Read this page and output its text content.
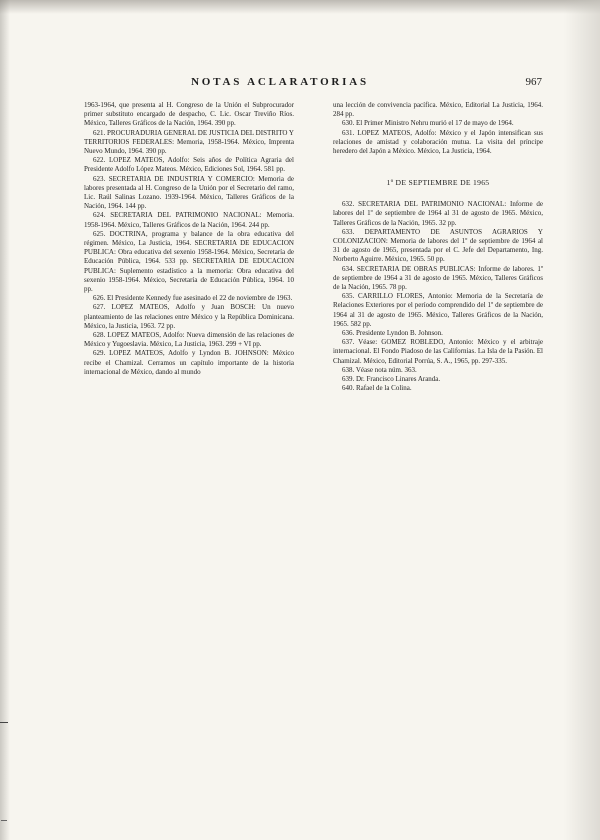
NOTAS ACLARATORIAS	967

1963-1964, que presenta al H. Congreso de la Unión el Subprocurador primer substituto encargado de despacho, C. Lic. Oscar Treviño Ríos. México, Talleres Gráficos de la Nación, 1964. 390 pp.

621. PROCURADURIA GENERAL DE JUSTICIA DEL DISTRITO Y TERRITORIOS FEDERALES: Memoria, 1958-1964. México, Imprenta Nuevo Mundo, 1964. 390 pp.

622. LOPEZ MATEOS, Adolfo: Seis años de Política Agraria del Presidente Adolfo López Mateos. México, Ediciones Sol, 1964. 581 pp.

623. SECRETARIA DE INDUSTRIA Y COMERCIO: Memoria de labores presentada al H. Congreso de la Unión por el Secretario del ramo, Lic. Raúl Salinas Lozano. 1939-1964. México, Talleres Gráficos de la Nación, 1964. 144 pp.

624. SECRETARIA DEL PATRIMONIO NACIONAL: Memoria. 1958-1964. México, Talleres Gráficos de la Nación, 1964. 244 pp.

625. DOCTRINA, programa y balance de la obra educativa del régimen. México, La Justicia, 1964. SECRETARIA DE EDUCACION PUBLICA: Obra educativa del sexenio 1958-1964. México, Secretaría de Educación Pública, 1964. 533 pp. SECRETARIA DE EDUCACION PUBLICA: Suplemento estadístico a la memoria: Obra educativa del sexenio 1958-1964. México, Secretaría de Educación Pública, 1964. 10 pp.

626. El Presidente Kennedy fue asesinado el 22 de noviembre de 1963.

627. LOPEZ MATEOS, Adolfo y Juan BOSCH: Un nuevo planteamiento de las relaciones entre México y la República Dominicana. México, la Justicia, 1963. 72 pp.

628. LOPEZ MATEOS, Adolfo: Nueva dimensión de las relaciones de México y Yugoeslavia. México, La Justicia, 1963. 299 + VI pp.

629. LOPEZ MATEOS, Adolfo y Lyndon B. JOHNSON: México recibe el Chamizal. Cerramos un capítulo importante de la historia internacional de México, dando al mundo

una lección de convivencia pacífica. México, Editorial La Justicia, 1964. 284 pp.

630. El Primer Ministro Nehru murió el 17 de mayo de 1964.

631. LOPEZ MATEOS, Adolfo: México y el Japón intensifican sus relaciones de amistad y colaboración mutua. La visita del príncipe heredero del Japón a México. México, La Justicia, 1964.

1º DE SEPTIEMBRE DE 1965

632. SECRETARIA DEL PATRIMONIO NACIONAL: Informe de labores del 1º de septiembre de 1964 al 31 de agosto de 1965. México, Talleres Gráficos de la Nación, 1965. 32 pp.

633. DEPARTAMENTO DE ASUNTOS AGRARIOS Y COLONIZACION: Memoria de labores del 1º de septiembre de 1964 al 31 de agosto de 1965, presentada por el C. Jefe del Departamento, Ing. Norberto Aguirre. México, 1965. 50 pp.

634. SECRETARIA DE OBRAS PUBLICAS: Informe de labores. 1º de septiembre de 1964 a 31 de agosto de 1965. México, Talleres Gráficos de la Nación, 1965. 78 pp.

635. CARRILLO FLORES, Antonio: Memoria de la Secretaría de Relaciones Exteriores por el período comprendido del 1º de septiembre de 1964 al 31 de agosto de 1965. México, Talleres Gráficos de la Nación, 1965. 582 pp.

636. Presidente Lyndon B. Johnson.

637. Véase: GOMEZ ROBLEDO, Antonio: México y el arbitraje internacional. El Fondo Piadoso de las Californias. La Isla de la Pasión. El Chamizal. México, Editorial Porrúa, S. A., 1965, pp. 297-335.

638. Véase nota núm. 363.

639. Dr. Francisco Linares Aranda.

640. Rafael de la Colina.
